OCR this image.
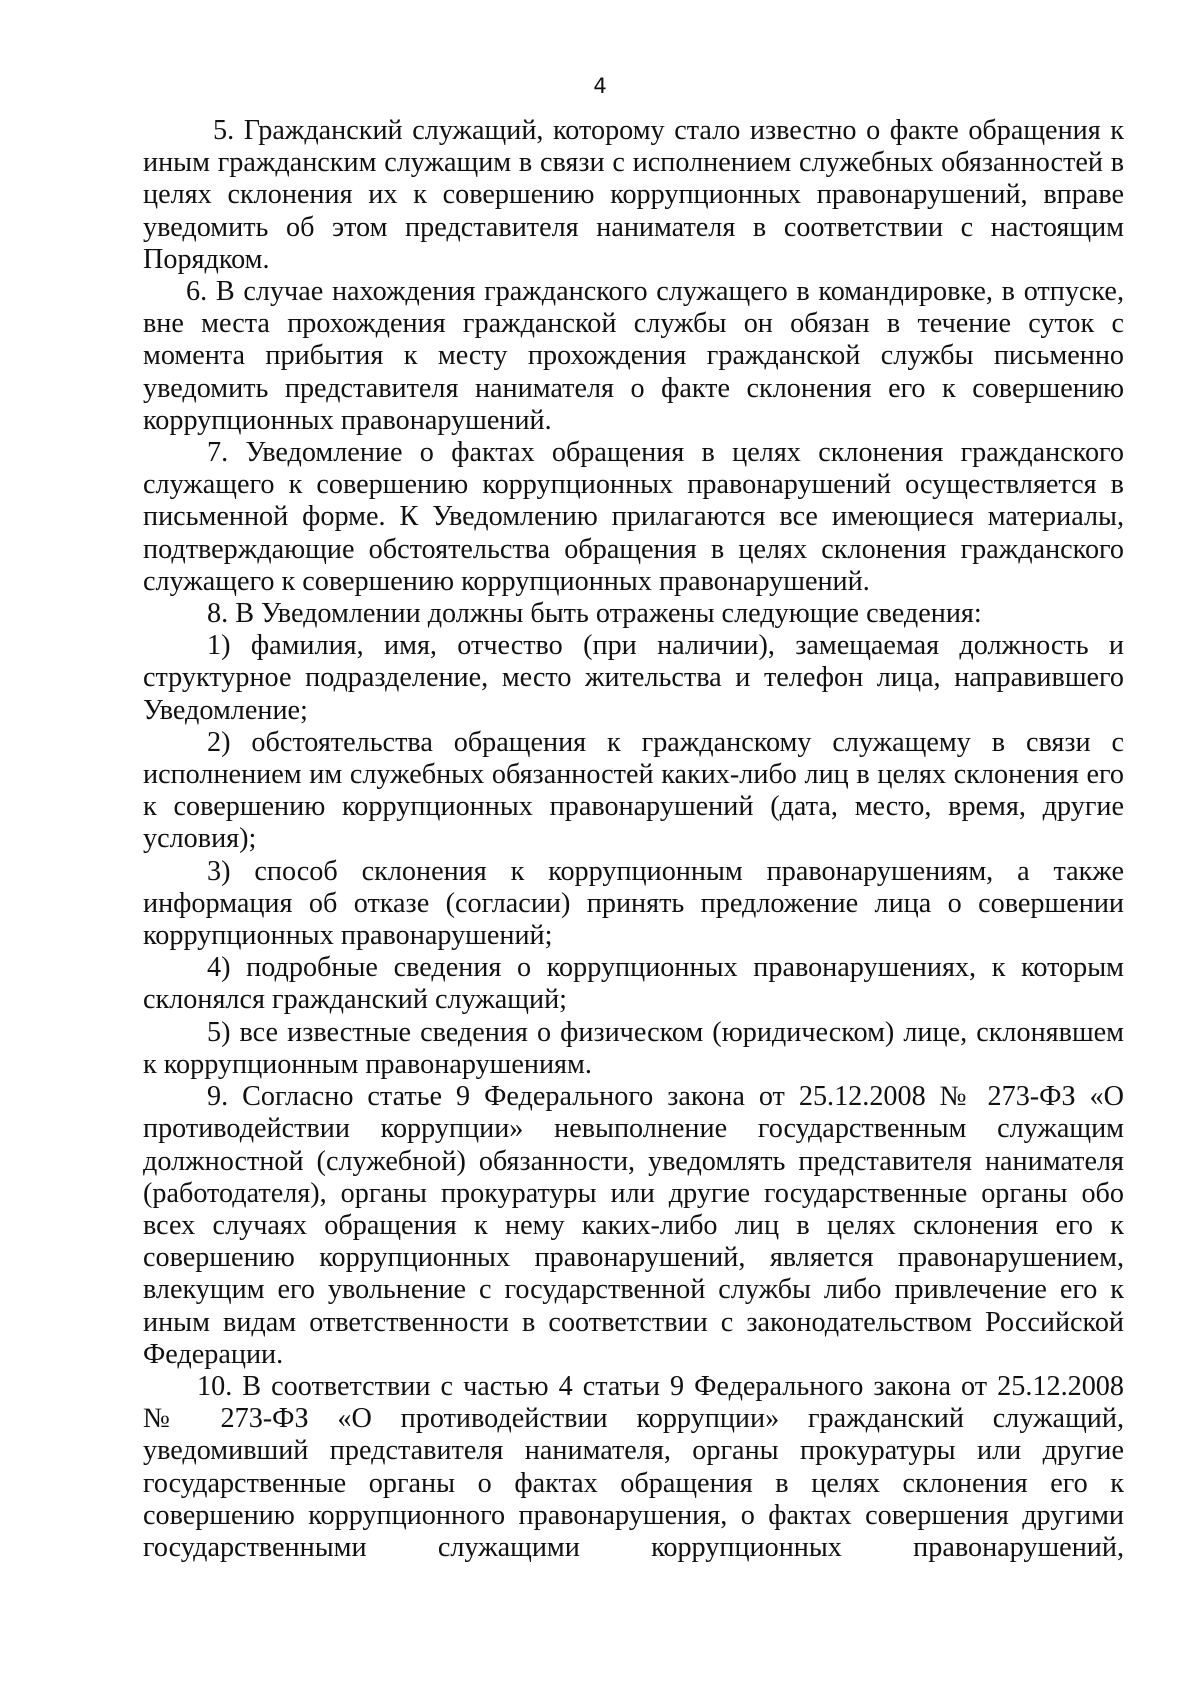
4

5. Гражданский служащий, которому стало известно о факте обращения к иным гражданским служащим в связи с исполнением служебных обязанностей в целях склонения их к совершению коррупционных правонарушений, вправе уведомить об этом представителя нанимателя в соответствии с настоящим Порядком.

6. В случае нахождения гражданского служащего в командировке, в отпуске, вне места прохождения гражданской службы он обязан в течение суток с момента прибытия к месту прохождения гражданской службы письменно уведомить представителя нанимателя о факте склонения его к совершению коррупционных правонарушений.

7. Уведомление о фактах обращения в целях склонения гражданского служащего к совершению коррупционных правонарушений осуществляется в письменной форме. К Уведомлению прилагаются все имеющиеся материалы, подтверждающие обстоятельства обращения в целях склонения гражданского служащего к совершению коррупционных правонарушений.

8. В Уведомлении должны быть отражены следующие сведения:

1) фамилия, имя, отчество (при наличии), замещаемая должность и структурное подразделение, место жительства и телефон лица, направившего Уведомление;

2) обстоятельства обращения к гражданскому служащему в связи с исполнением им служебных обязанностей каких-либо лиц в целях склонения его к совершению коррупционных правонарушений (дата, место, время, другие условия);

3) способ склонения к коррупционным правонарушениям, а также информация об отказе (согласии) принять предложение лица о совершении коррупционных правонарушений;

4) подробные сведения о коррупционных правонарушениях, к которым склонялся гражданский служащий;

5) все известные сведения о физическом (юридическом) лице, склонявшем к коррупционным правонарушениям.

9. Согласно статье 9 Федерального закона от 25.12.2008 № 273-ФЗ «О противодействии коррупции» невыполнение государственным служащим должностной (служебной) обязанности, уведомлять представителя нанимателя (работодателя), органы прокуратуры или другие государственные органы обо всех случаях обращения к нему каких-либо лиц в целях склонения его к совершению коррупционных правонарушений, является правонарушением, влекущим его увольнение с государственной службы либо привлечение его к иным видам ответственности в соответствии с законодательством Российской Федерации.

10. В соответствии с частью 4 статьи 9 Федерального закона от 25.12.2008 № 273-ФЗ «О противодействии коррупции» гражданский служащий, уведомивший представителя нанимателя, органы прокуратуры или другие государственные органы о фактах обращения в целях склонения его к совершению коррупционного правонарушения, о фактах совершения другими государственными служащими коррупционных правонарушений,
